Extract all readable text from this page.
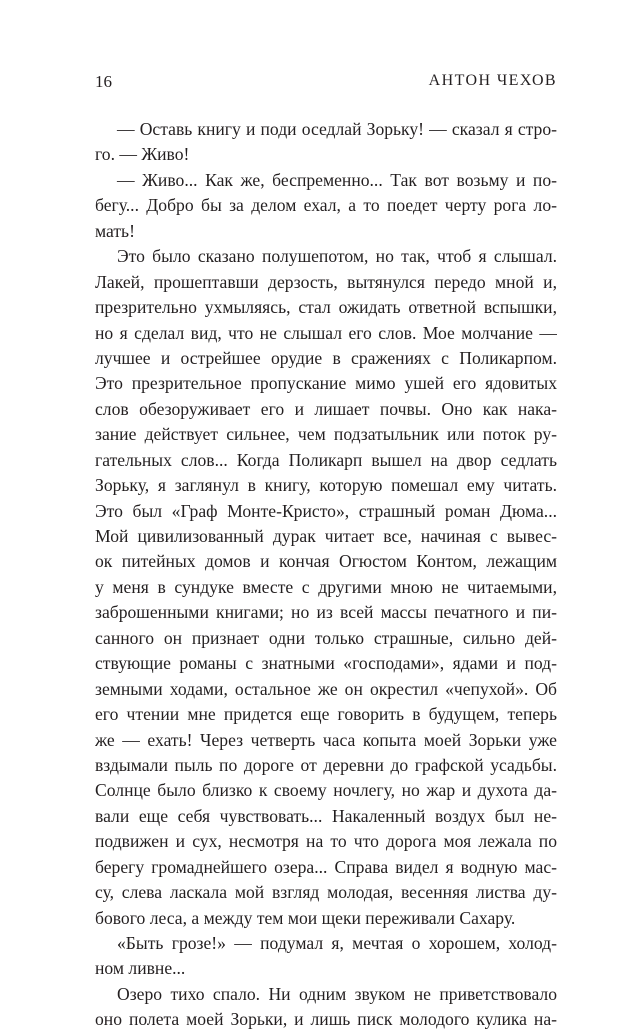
16	АНТОН ЧЕХОВ
— Оставь книгу и поди оседлай Зорьку! — сказал я стро-
го. — Живо!
— Живо... Как же, беспременно... Так вот возьму и по-
бегу... Добро бы за делом ехал, а то поедет черту рога ло-
мать!
Это было сказано полушепотом, но так, чтоб я слышал.
Лакей, прошептавши дерзость, вытянулся передо мной и,
презрительно ухмыляясь, стал ожидать ответной вспышки,
но я сделал вид, что не слышал его слов. Мое молчание —
лучшее и острейшее орудие в сражениях с Поликарпом.
Это презрительное пропускание мимо ушей его ядовитых
слов обезоруживает его и лишает почвы. Оно как нака-
зание действует сильнее, чем подзатыльник или поток ру-
гательных слов... Когда Поликарп вышел на двор седлать
Зорьку, я заглянул в книгу, которую помешал ему читать.
Это был «Граф Монте-Кристо», страшный роман Дюма...
Мой цивилизованный дурак читает все, начиная с вывес-
ок питейных домов и кончая Огюстом Контом, лежащим
у меня в сундуке вместе с другими мною не читаемыми,
заброшенными книгами; но из всей массы печатного и пи-
санного он признает одни только страшные, сильно дей-
ствующие романы с знатными «господами», ядами и под-
земными ходами, остальное же он окрестил «чепухой». Об
его чтении мне придется еще говорить в будущем, теперь
же — ехать! Через четверть часа копыта моей Зорьки уже
вздымали пыль по дороге от деревни до графской усадьбы.
Солнце было близко к своему ночлегу, но жар и духота да-
вали еще себя чувствовать... Накаленный воздух был не-
подвижен и сух, несмотря на то что дорога моя лежала по
берегу громаднейшего озера... Справа видел я водную мас-
су, слева ласкала мой взгляд молодая, весенняя листва ду-
бового леса, а между тем мои щеки переживали Сахару.
«Быть грозе!» — подумал я, мечтая о хорошем, холод-
ном ливне...
Озеро тихо спало. Ни одним звуком не приветствовало
оно полета моей Зорьки, и лишь писк молодого кулика на-
